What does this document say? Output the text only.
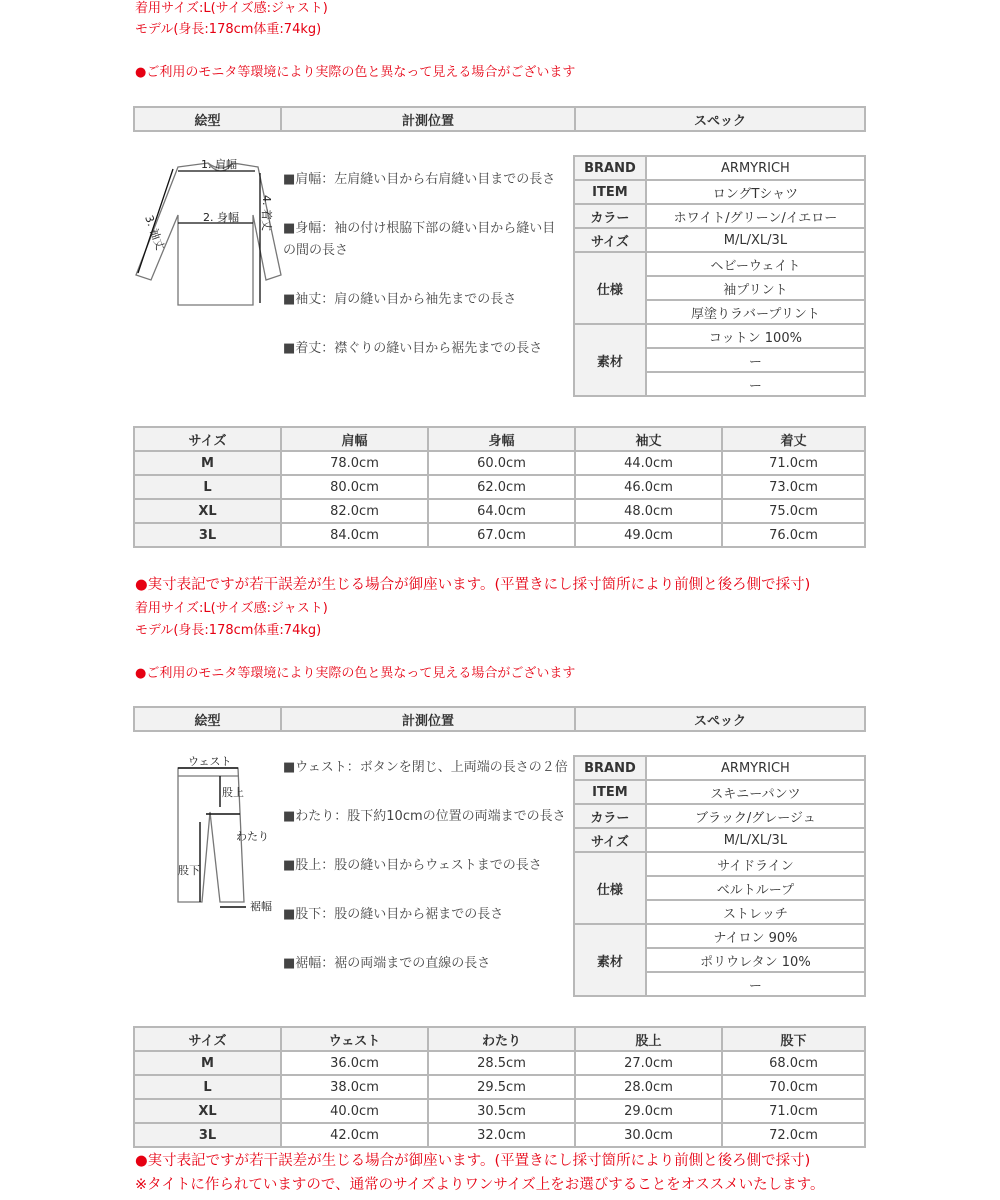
着用サイズ:L(サイズ感:ジャスト)
モデル(身長:178cm体重:74kg)
●ご利用のモニタ等環境により実際の色と異なって見える場合がございます
絵型	計測位置	スペック
1. 肩幅
2. 身幅
3. 袖丈
4. 着丈

■肩幅：左肩縫い目から右肩縫い目までの長さ

■身幅：袖の付け根脇下部の縫い目から縫い目の間の長さ

■袖丈：肩の縫い目から袖先までの長さ

■着丈：襟ぐりの縫い目から裾先までの長さ

BRAND	ARMYRICH
ITEM	ロングTシャツ
カラー	ホワイト/グリーン/イエロー
サイズ	M/L/XL/3L
仕様	ヘビーウェイト
	袖プリント
	厚塗りラバープリント
素材	コットン 100%
	ー
	ー
サイズ	肩幅	身幅	袖丈	着丈
M	78.0cm	60.0cm	44.0cm	71.0cm
L	80.0cm	62.0cm	46.0cm	73.0cm
XL	82.0cm	64.0cm	48.0cm	75.0cm
3L	84.0cm	67.0cm	49.0cm	76.0cm
●実寸表記ですが若干誤差が生じる場合が御座います。(平置きにし採寸箇所により前側と後ろ側で採寸)
着用サイズ:L(サイズ感:ジャスト)
モデル(身長:178cm体重:74kg)
●ご利用のモニタ等環境により実際の色と異なって見える場合がございます
絵型	計測位置	スペック
ウェスト
股上
わたり
股下
裾幅

■ウェスト：ボタンを閉じ、上両端の長さの２倍

■わたり：股下約10cmの位置の両端までの長さ

■股上：股の縫い目からウェストまでの長さ

■股下：股の縫い目から裾までの長さ

■裾幅：裾の両端までの直線の長さ

BRAND	ARMYRICH
ITEM	スキニーパンツ
カラー	ブラック/グレージュ
サイズ	M/L/XL/3L
仕様	サイドライン
	ベルトループ
	ストレッチ
素材	ナイロン 90%
	ポリウレタン 10%
	ー
サイズ	ウェスト	わたり	股上	股下
M	36.0cm	28.5cm	27.0cm	68.0cm
L	38.0cm	29.5cm	28.0cm	70.0cm
XL	40.0cm	30.5cm	29.0cm	71.0cm
3L	42.0cm	32.0cm	30.0cm	72.0cm
●実寸表記ですが若干誤差が生じる場合が御座います。(平置きにし採寸箇所により前側と後ろ側で採寸)
※タイトに作られていますので、通常のサイズよりワンサイズ上をお選びすることをオススメいたします。
